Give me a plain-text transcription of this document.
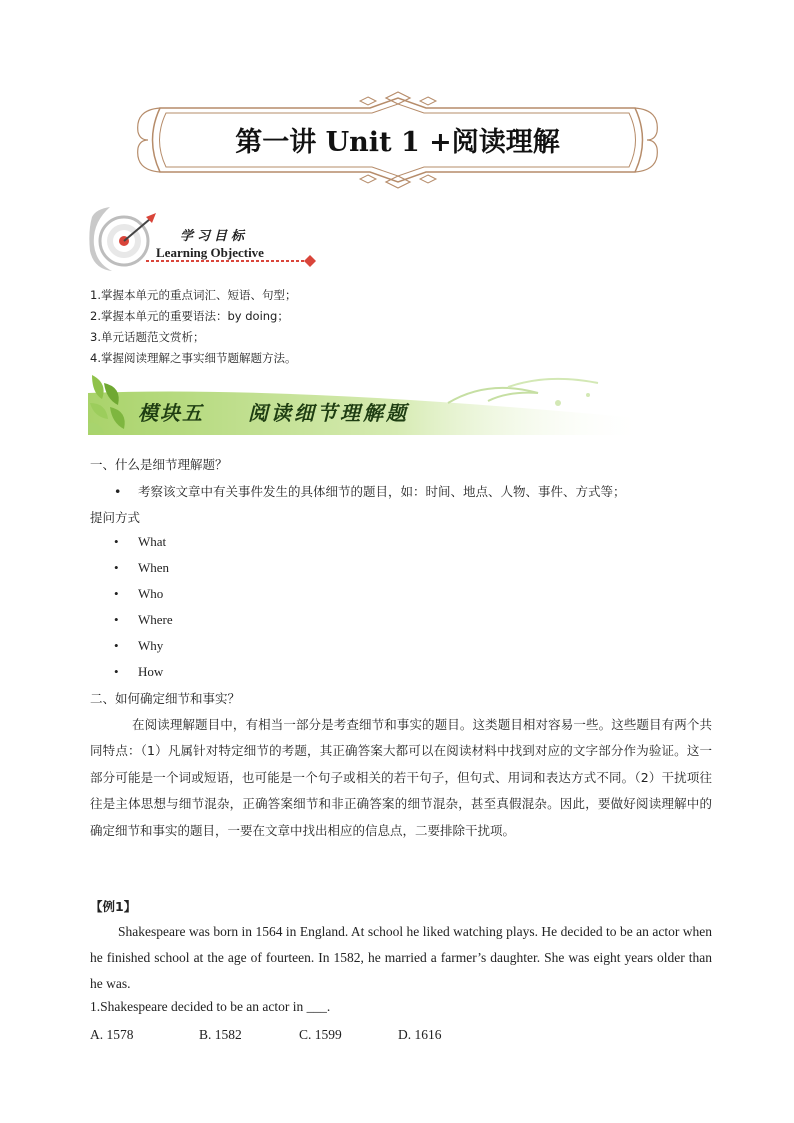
第一讲 Unit 1 +阅读理解
学习目标
Learning Objective
1.掌握本单元的重点词汇、短语、句型；
2.掌握本单元的重要语法：by doing；
3.单元话题范文赏析；
4.掌握阅读理解之事实细节题解题方法。
模块五 阅读细节理解题
一、什么是细节理解题？
• 考察该文章中有关事件发生的具体细节的题目，如：时间、地点、人物、事件、方式等；
提问方式
• What
• When
• Who
• Where
• Why
• How
二、如何确定细节和事实？
在阅读理解题目中，有相当一部分是考查细节和事实的题目。这类题目相对容易一些。这些题目有两个共同特点：（1）凡属针对特定细节的考题，其正确答案大都可以在阅读材料中找到对应的文字部分作为验证。这一部分可能是一个词或短语，也可能是一个句子或相关的若干句子，但句式、用词和表达方式不同。（2）干扰项往往是主体思想与细节混杂，正确答案细节和非正确答案的细节混杂，甚至真假混杂。因此，要做好阅读理解中的确定细节和事实的题目，一要在文章中找出相应的信息点，二要排除干扰项。
【例1】
Shakespeare was born in 1564 in England. At school he liked watching plays. He decided to be an actor when he finished school at the age of fourteen. In 1582, he married a farmer’s daughter. She was eight years older than he was.
1.Shakespeare decided to be an actor in ___.
A. 1578	B. 1582	C. 1599	D. 1616
